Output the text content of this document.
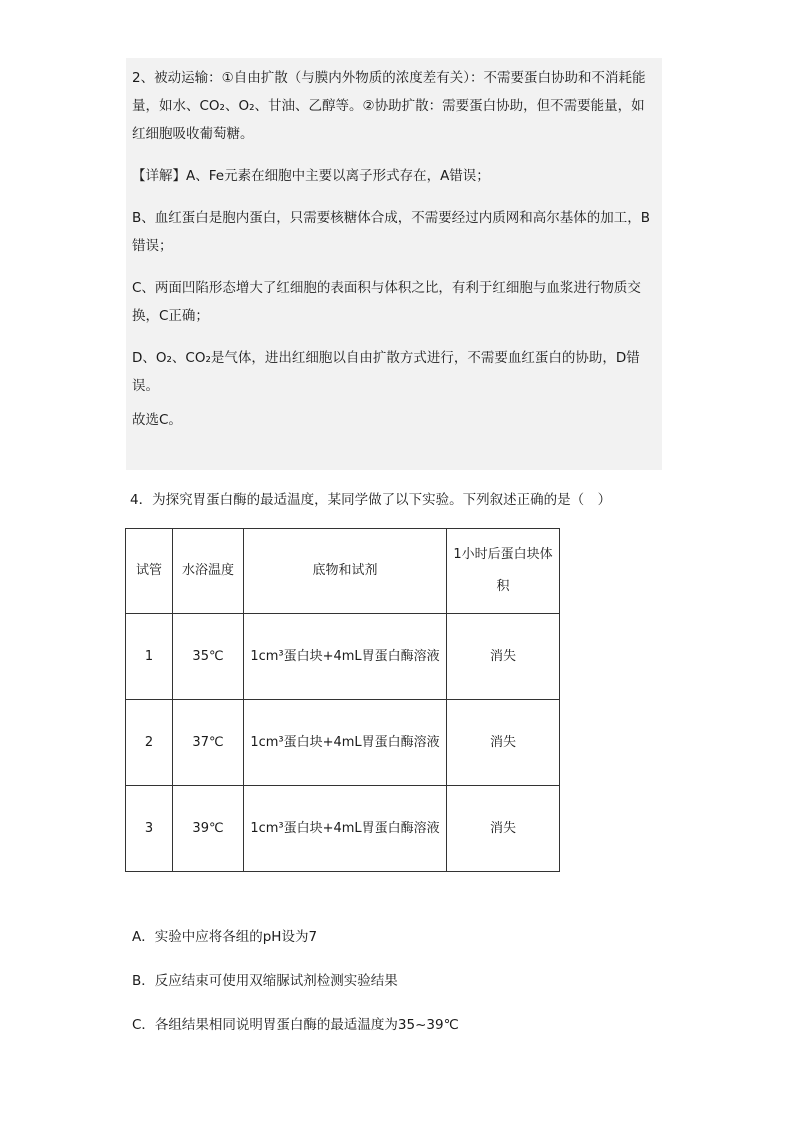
2、被动运输：①自由扩散（与膜内外物质的浓度差有关）：不需要蛋白协助和不消耗能量，如水、CO₂、O₂、甘油、乙醇等。②协助扩散：需要蛋白协助，但不需要能量，如红细胞吸收葡萄糖。

【详解】A、Fe元素在细胞中主要以离子形式存在，A错误；

B、血红蛋白是胞内蛋白，只需要核糖体合成，不需要经过内质网和高尔基体的加工，B错误；

C、两面凹陷形态增大了红细胞的表面积与体积之比，有利于红细胞与血浆进行物质交换，C正确；

D、O₂、CO₂是气体，进出红细胞以自由扩散方式进行，不需要血红蛋白的协助，D错误。

故选C。

4．为探究胃蛋白酶的最适温度，某同学做了以下实验。下列叙述正确的是（　）
试管	水浴温度	底物和试剂	1小时后蛋白块体积
1	35℃	1cm³蛋白块+4mL胃蛋白酶溶液	消失
2	37℃	1cm³蛋白块+4mL胃蛋白酶溶液	消失
3	39℃	1cm³蛋白块+4mL胃蛋白酶溶液	消失
A．实验中应将各组的pH设为7
B．反应结束可使用双缩脲试剂检测实验结果
C．各组结果相同说明胃蛋白酶的最适温度为35~39℃
